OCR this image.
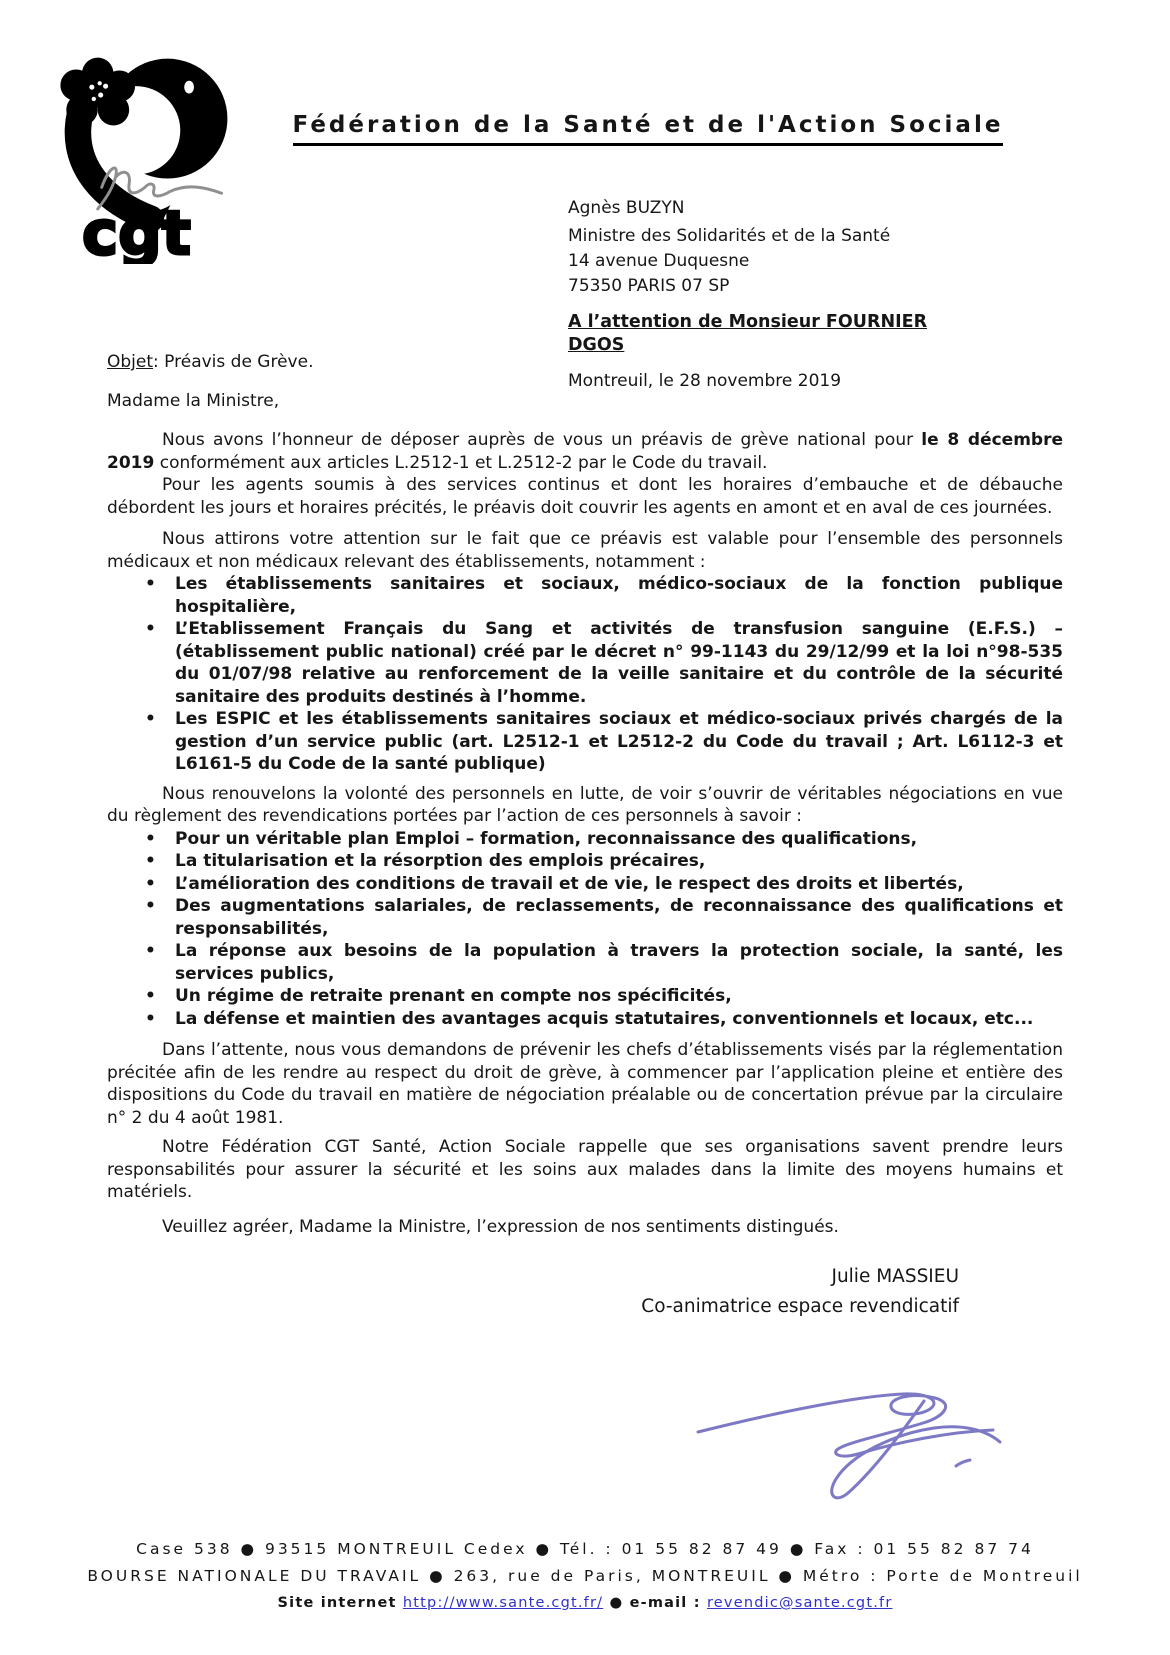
cgt
Fédération de la Santé et de l'Action Sociale
Agnès BUZYN
Ministre des Solidarités et de la Santé
14 avenue Duquesne
75350 PARIS 07 SP
A l’attention de Monsieur FOURNIER
DGOS
Objet: Préavis de Grève.
Montreuil, le 28 novembre 2019
Madame la Ministre,

Nous avons l’honneur de déposer auprès de vous un préavis de grève national pour le 8 décembre 2019 conformément aux articles L.2512-1 et L.2512-2 par le Code du travail.

Pour les agents soumis à des services continus et dont les horaires d’embauche et de débauche débordent les jours et horaires précités, le préavis doit couvrir les agents en amont et en aval de ces journées.

Nous attirons votre attention sur le fait que ce préavis est valable pour l’ensemble des personnels médicaux et non médicaux relevant des établissements, notamment :

• Les établissements sanitaires et sociaux, médico-sociaux de la fonction publique hospitalière,
• L’Etablissement Français du Sang et activités de transfusion sanguine (E.F.S.) – (établissement public national) créé par le décret n° 99-1143 du 29/12/99 et la loi n°98-535 du 01/07/98 relative au renforcement de la veille sanitaire et du contrôle de la sécurité sanitaire des produits destinés à l’homme.
• Les ESPIC et les établissements sanitaires sociaux et médico-sociaux privés chargés de la gestion d’un service public (art. L2512-1 et L2512-2 du Code du travail ; Art. L6112-3 et L6161-5 du Code de la santé publique)

Nous renouvelons la volonté des personnels en lutte, de voir s’ouvrir de véritables négociations en vue du règlement des revendications portées par l’action de ces personnels à savoir :

• Pour un véritable plan Emploi – formation, reconnaissance des qualifications,
• La titularisation et la résorption des emplois précaires,
• L’amélioration des conditions de travail et de vie, le respect des droits et libertés,
• Des augmentations salariales, de reclassements, de reconnaissance des qualifications et responsabilités,
• La réponse aux besoins de la population à travers la protection sociale, la santé, les services publics,
• Un régime de retraite prenant en compte nos spécificités,
• La défense et maintien des avantages acquis statutaires, conventionnels et locaux, etc...

Dans l’attente, nous vous demandons de prévenir les chefs d’établissements visés par la réglementation précitée afin de les rendre au respect du droit de grève, à commencer par l’application pleine et entière des dispositions du Code du travail en matière de négociation préalable ou de concertation prévue par la circulaire n° 2 du 4 août 1981.

Notre Fédération CGT Santé, Action Sociale rappelle que ses organisations savent prendre leurs responsabilités pour assurer la sécurité et les soins aux malades dans la limite des moyens humains et matériels.

Veuillez agréer, Madame la Ministre, l’expression de nos sentiments distingués.

Julie MASSIEU
Co-animatrice espace revendicatif
Case 538 ● 93515 MONTREUIL Cedex ● Tél. : 01 55 82 87 49 ● Fax : 01 55 82 87 74
BOURSE NATIONALE DU TRAVAIL ● 263, rue de Paris, MONTREUIL ● Métro : Porte de Montreuil
Site internet http://www.sante.cgt.fr/ ● e-mail : revendic@sante.cgt.fr
